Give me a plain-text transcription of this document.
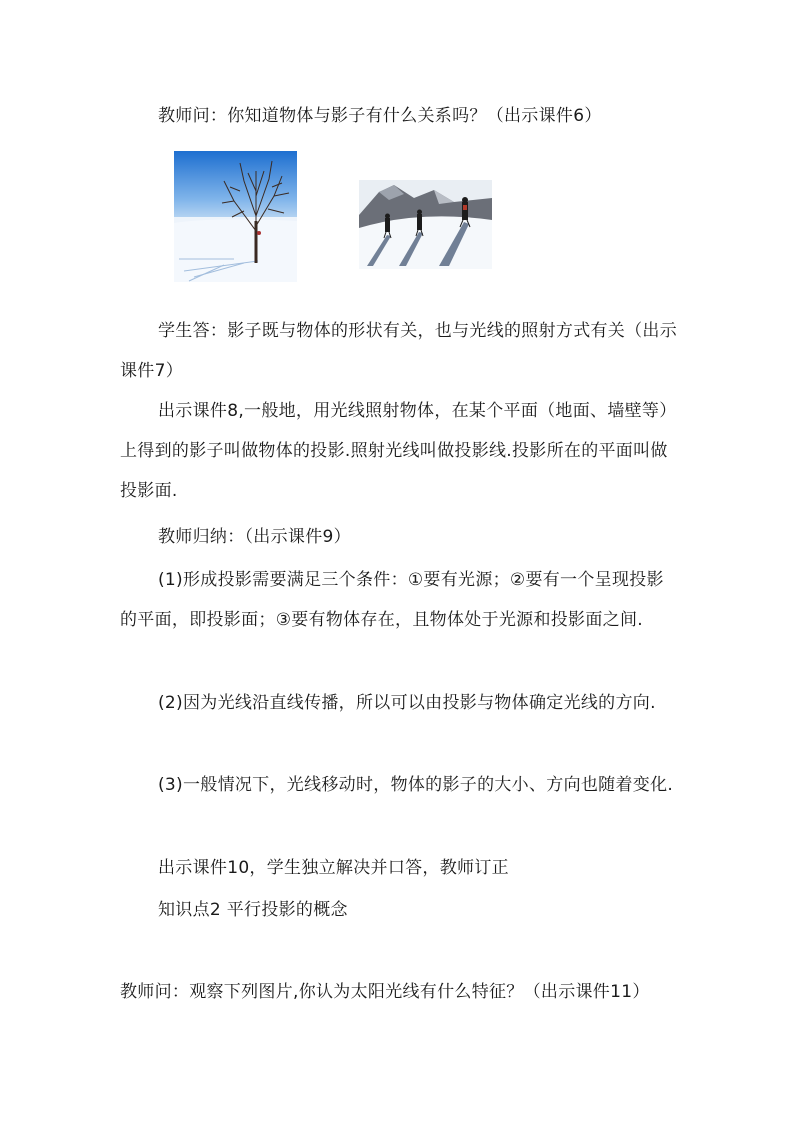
教师问：你知道物体与影子有什么关系吗？（出示课件6）

学生答：影子既与物体的形状有关，也与光线的照射方式有关（出示课件7）

出示课件8,一般地，用光线照射物体，在某个平面（地面、墙壁等）上得到的影子叫做物体的投影.照射光线叫做投影线.投影所在的平面叫做投影面.

教师归纳：（出示课件9）

(1)形成投影需要满足三个条件：①要有光源；②要有一个呈现投影的平面，即投影面；③要有物体存在，且物体处于光源和投影面之间.

(2)因为光线沿直线传播，所以可以由投影与物体确定光线的方向.

(3)一般情况下，光线移动时，物体的影子的大小、方向也随着变化.

出示课件10，学生独立解决并口答，教师订正

知识点2 平行投影的概念

教师问：观察下列图片,你认为太阳光线有什么特征？（出示课件11）
